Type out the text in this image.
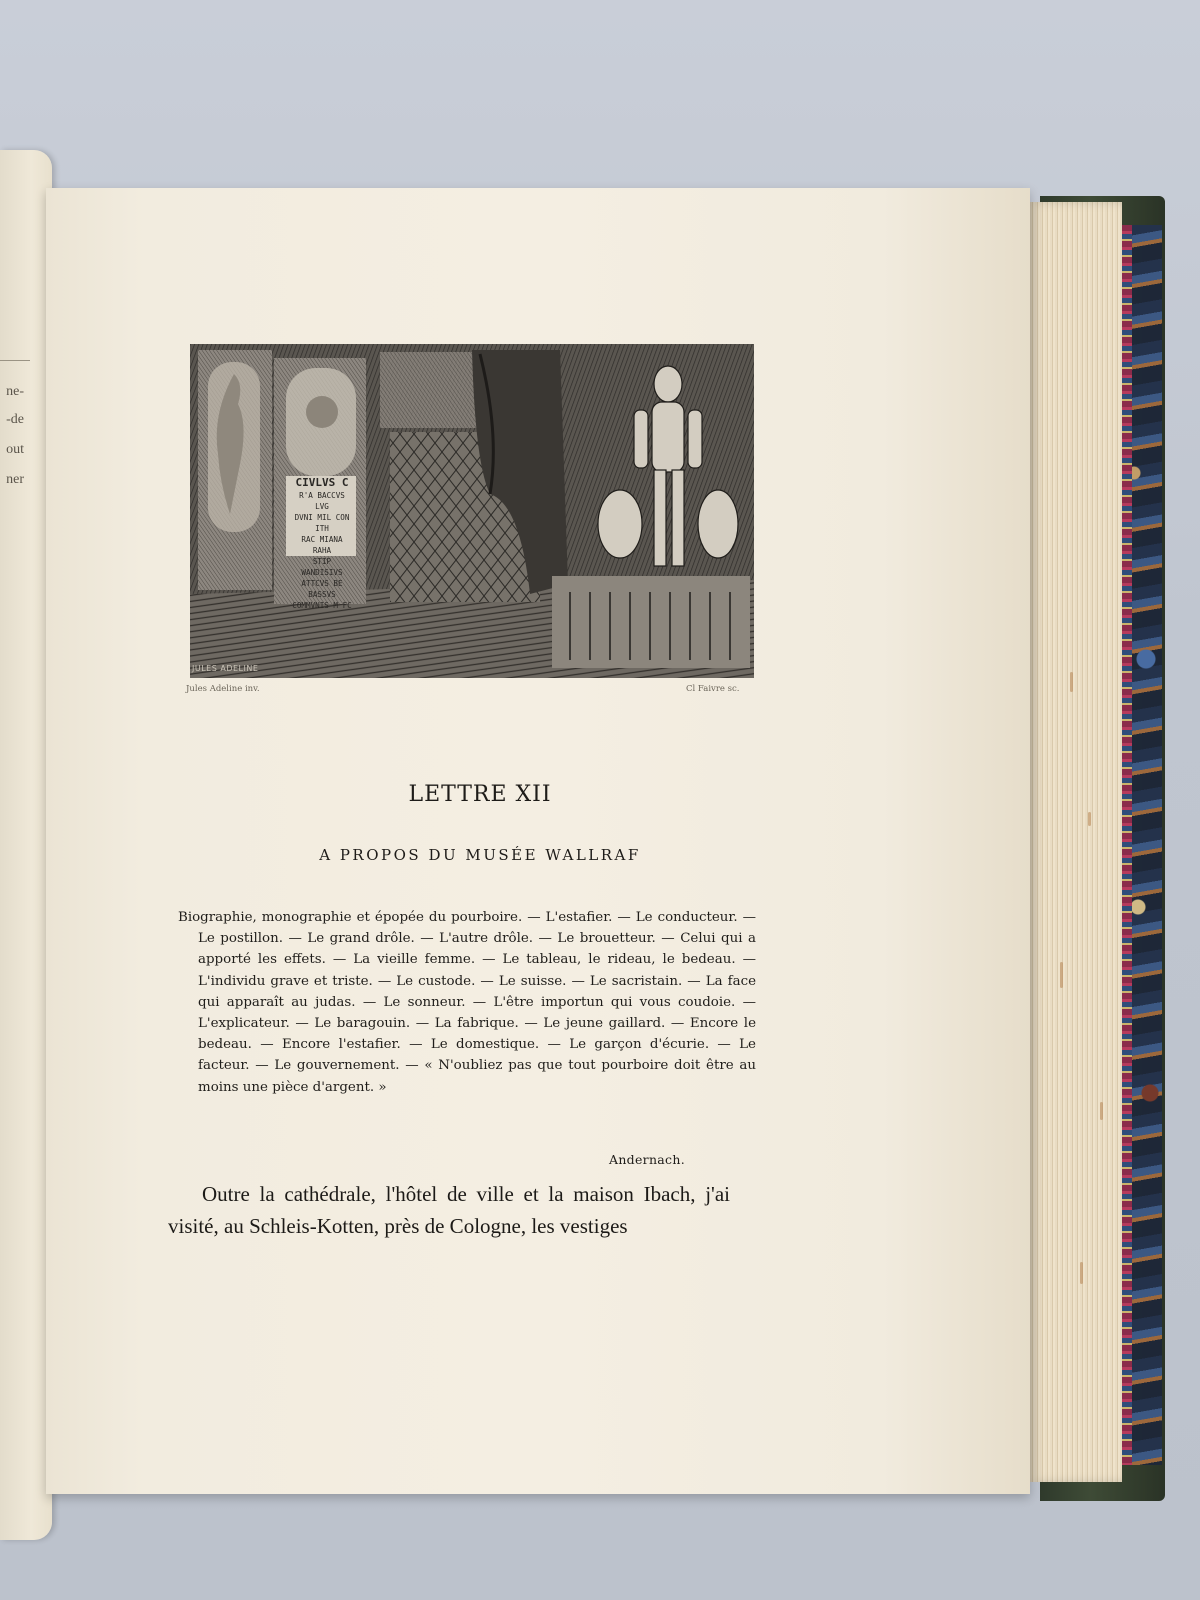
ne-
-de
out
ner	CIVLVS C
R'A BACCVS LVG
DVNI MIL CON ITH
RAC MIANA RAHA
STIP WANDISIVS
ATTCVS BE BASSVS
COMMVNIS M FC
JULES ADELINE
Jules Adeline inv.	Cl Faivre sc.
LETTRE XII
A PROPOS DU MUSÉE WALLRAF
Biographie, monographie et épopée du pourboire. — L'estafier. — Le conducteur. — Le postillon. — Le grand drôle. — L'autre drôle. — Le brouetteur. — Celui qui a apporté les effets. — La vieille femme. — Le tableau, le rideau, le bedeau. — L'individu grave et triste. — Le custode. — Le suisse. — Le sacristain. — La face qui apparaît au judas. — Le sonneur. — L'être importun qui vous coudoie. — L'explicateur. — Le baragouin. — La fabrique. — Le jeune gaillard. — Encore le bedeau. — Encore l'estafier. — Le domestique. — Le garçon d'écurie. — Le facteur. — Le gouvernement. — « N'oubliez pas que tout pourboire doit être au moins une pièce d'argent. »
Andernach.
Outre la cathédrale, l'hôtel de ville et la maison Ibach, j'ai visité, au Schleis-Kotten, près de Cologne, les vestiges
